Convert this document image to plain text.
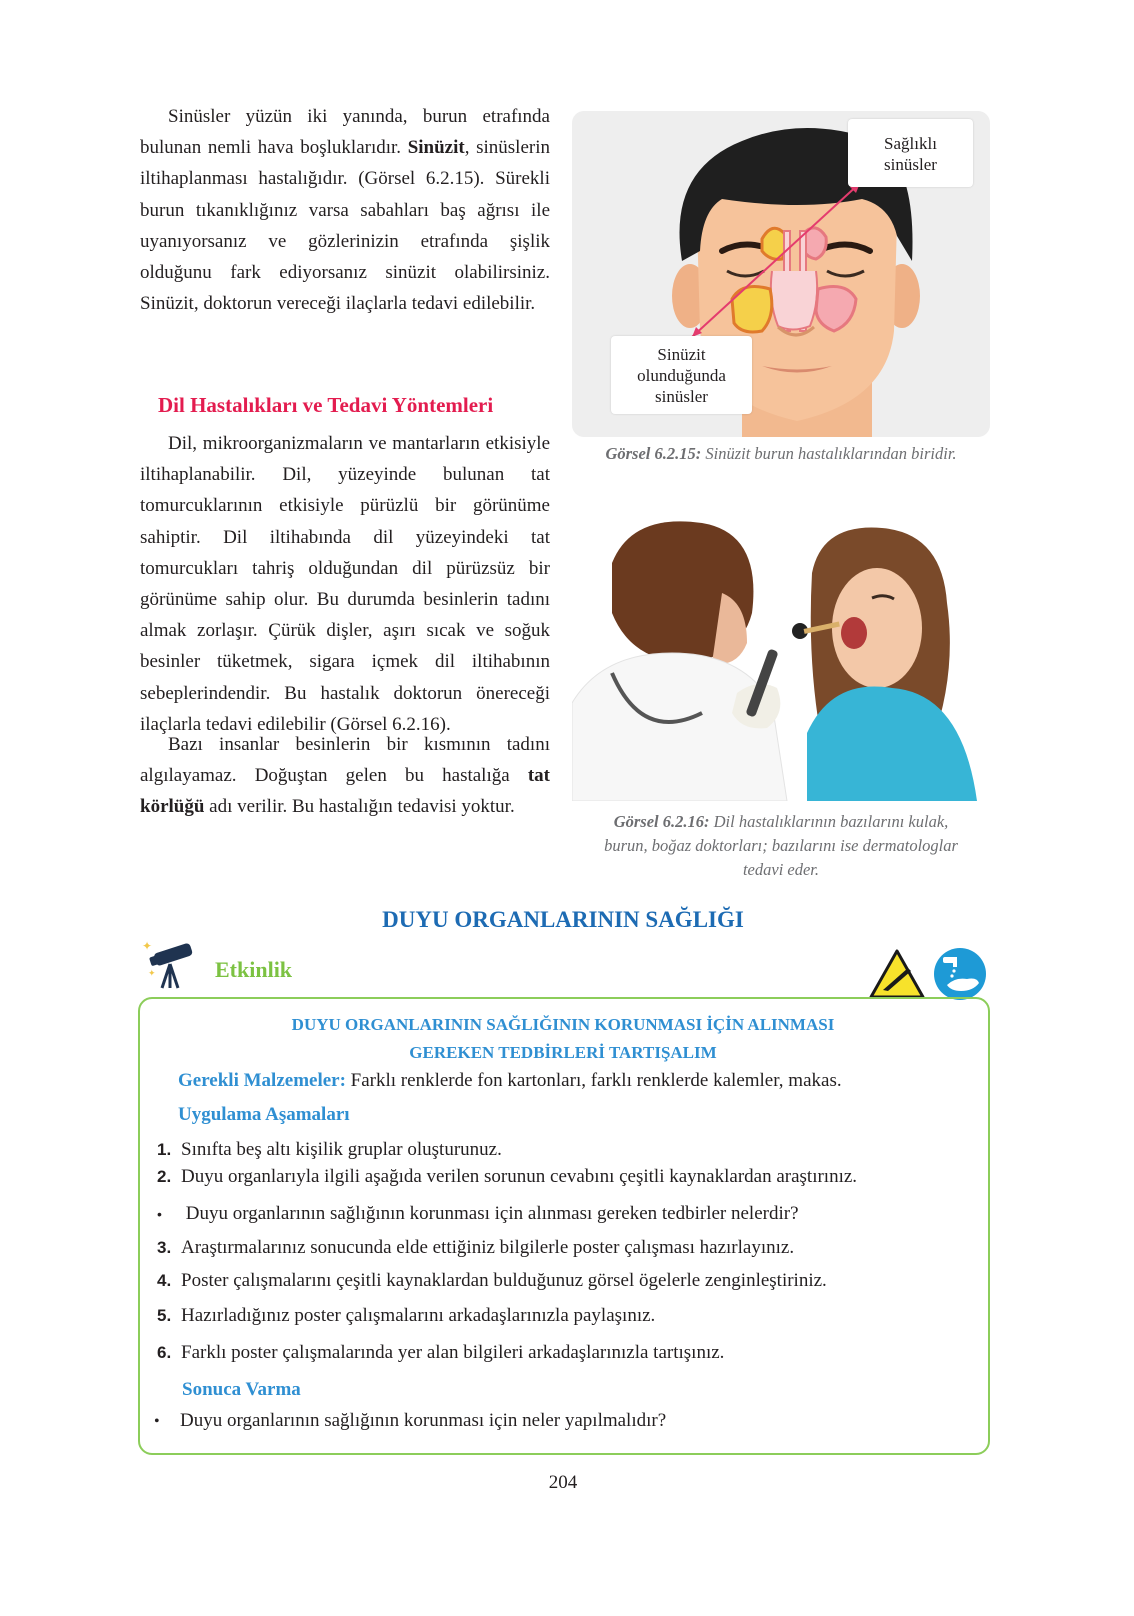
Sinüsler yüzün iki yanında, burun etrafında bulunan nemli hava boşluklarıdır. Sinüzit, sinüslerin iltihaplanması hastalığıdır. (Görsel 6.2.15). Sürekli burun tıkanıklığınız varsa sabahları baş ağrısı ile uyanıyorsanız ve gözlerinizin etrafında şişlik olduğunu fark ediyorsanız sinüzit olabilirsiniz. Sinüzit, doktorun vereceği ilaçlarla tedavi edilebilir.

Dil Hastalıkları ve Tedavi Yöntemleri

Dil, mikroorganizmaların ve mantarların etkisiyle iltihaplanabilir. Dil, yüzeyinde bulunan tat tomurcuklarının etkisiyle pürüzlü bir görünüme sahiptir. Dil iltihabında dil yüzeyindeki tat tomurcukları tahriş olduğundan dil pürüzsüz bir görünüme sahip olur. Bu durumda besinlerin tadını almak zorlaşır. Çürük dişler, aşırı sıcak ve soğuk besinler tüketmek, sigara içmek dil iltihabının sebeplerindendir. Bu hastalık doktorun önereceği ilaçlarla tedavi edilebilir (Görsel 6.2.16).

Bazı insanlar besinlerin bir kısmının tadını algılayamaz. Doğuştan gelen bu hastalığa tat körlüğü adı verilir. Bu hastalığın tedavisi yoktur.

Sağlıklı
sinüsler
Sinüzit
olunduğunda
sinüsler
Görsel 6.2.15: Sinüzit burun hastalıklarından biridir.
Görsel 6.2.16: Dil hastalıklarının bazılarını kulak,
burun, boğaz doktorları; bazılarını ise dermatologlar
tedavi eder.
DUYU ORGANLARININ SAĞLIĞI
✦
✦	Etkinlik
DUYU ORGANLARININ SAĞLIĞININ KORUNMASI İÇİN ALINMASI
GEREKEN TEDBİRLERİ TARTIŞALIM
Gerekli Malzemeler: Farklı renklerde fon kartonları, farklı renklerde kalemler, makas.
Uygulama Aşamaları
1. Sınıfta beş altı kişilik gruplar oluşturunuz.
2. Duyu organlarıyla ilgili aşağıda verilen sorunun cevabını çeşitli kaynaklardan araştırınız.
• Duyu organlarının sağlığının korunması için alınması gereken tedbirler nelerdir?
3. Araştırmalarınız sonucunda elde ettiğiniz bilgilerle poster çalışması hazırlayınız.
4. Poster çalışmalarını çeşitli kaynaklardan bulduğunuz görsel ögelerle zenginleştiriniz.
5. Hazırladığınız poster çalışmalarını arkadaşlarınızla paylaşınız.
6. Farklı poster çalışmalarında yer alan bilgileri arkadaşlarınızla tartışınız.
Sonuca Varma
• Duyu organlarının sağlığının korunması için neler yapılmalıdır?
204
